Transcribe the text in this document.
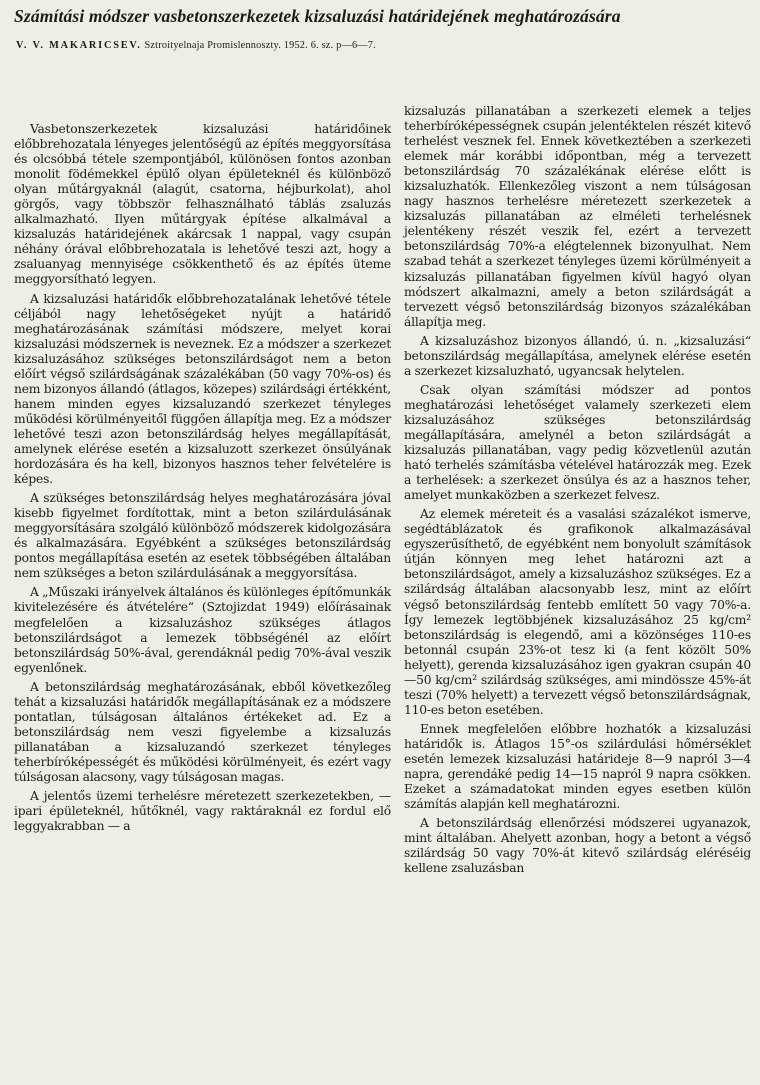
Számítási módszer vasbetonszerkezetek kizsaluzási határidejének meghatározására
V. V. MAKARICSEV. Sztroityelnaja Promislennoszty. 1952. 6. sz. p—6—7.

Vasbetonszerkezetek kizsaluzási határidőinek előbbrehozatala lényeges jelentőségű az építés meggyorsítása és olcsóbbá tétele szempontjából, különösen fontos azonban monolit födémekkel épülő olyan épületeknél és különböző olyan műtárgyaknál (alagút, csatorna, héjburkolat), ahol görgős, vagy többször felhasználható táblás zsaluzás alkalmazható. Ilyen műtárgyak építése alkalmával a kizsaluzás határidejének akárcsak 1 nappal, vagy csupán néhány órával előbbrehozatala is lehetővé teszi azt, hogy a zsaluanyag mennyisége csökkenthető és az építés üteme meggyorsítható legyen.

A kizsaluzási határidők előbbrehozatalának lehetővé tétele céljából nagy lehetőségeket nyújt a határidő meghatározásának számítási módszere, melyet korai kizsaluzási módszernek is neveznek. Ez a módszer a szerkezet kizsaluzásához szükséges betonszilárdságot nem a beton előírt végső szilárdságának százalékában (50 vagy 70%-os) és nem bizonyos állandó (átlagos, közepes) szilárdsági értékként, hanem minden egyes kizsaluzandó szerkezet tényleges működési körülményeitől függően állapítja meg. Ez a módszer lehetővé teszi azon betonszilárdság helyes megállapítását, amelynek elérése esetén a kizsaluzott szerkezet önsúlyának hordozására és ha kell, bizonyos hasznos teher felvételére is képes.

A szükséges betonszilárdság helyes meghatározására jóval kisebb figyelmet fordítottak, mint a beton szilárdulásának meggyorsítására szolgáló különböző módszerek kidolgozására és alkalmazására. Egyébként a szükséges betonszilárdság pontos megállapítása esetén az esetek többségében általában nem szükséges a beton szilárdulásának a meggyorsítása.

A „Műszaki irányelvek általános és különleges építőmunkák kivitelezésére és átvételére“ (Sztojizdat 1949) előírásainak megfelelően a kizsaluzáshoz szükséges átlagos betonszilárdságot a lemezek többségénél az előírt betonszilárdság 50%-ával, gerendáknál pedig 70%-ával veszik egyenlőnek.

A betonszilárdság meghatározásának, ebből következőleg tehát a kizsaluzási határidők megállapításának ez a módszere pontatlan, túlságosan általános értékeket ad. Ez a betonszilárdság nem veszi figyelembe a kizsaluzás pillanatában a kizsaluzandó szerkezet tényleges teherbíróképességét és működési körülményeit, és ezért vagy túlságosan alacsony, vagy túlságosan magas.

A jelentős üzemi terhelésre méretezett szerkezetekben, — ipari épületeknél, hűtőknél, vagy raktáraknál ez fordul elő leggyakrabban — a

kizsaluzás pillanatában a szerkezeti elemek a teljes teherbíróképességnek csupán jelentéktelen részét kitevő terhelést vesznek fel. Ennek következtében a szerkezeti elemek már korábbi időpontban, még a tervezett betonszilárdság 70 százalékának elérése előtt is kizsaluzhatók. Ellenkezőleg viszont a nem túlságosan nagy hasznos terhelésre méretezett szerkezetek a kizsaluzás pillanatában az elméleti terhelésnek jelentékeny részét veszik fel, ezért a tervezett betonszilárdság 70%-a elégtelennek bizonyulhat. Nem szabad tehát a szerkezet tényleges üzemi körülményeit a kizsaluzás pillanatában figyelmen kívül hagyó olyan módszert alkalmazni, amely a beton szilárdságát a tervezett végső betonszilárdság bizonyos százalékában állapítja meg.

A kizsaluzáshoz bizonyos állandó, ú. n. „kizsaluzási“ betonszilárdság megállapítása, amelynek elérése esetén a szerkezet kizsaluzható, ugyancsak helytelen.

Csak olyan számítási módszer ad pontos meghatározási lehetőséget valamely szerkezeti elem kizsaluzásához szükséges betonszilárdság megállapítására, amelynél a beton szilárdságát a kizsaluzás pillanatában, vagy pedig közvetlenül azután ható terhelés számításba vételével határozzák meg. Ezek a terhelések: a szerkezet önsúlya és az a hasznos teher, amelyet munkaközben a szerkezet felvesz.

Az elemek méreteit és a vasalási százalékot ismerve, segédtáblázatok és grafikonok alkalmazásával egyszerűsíthető, de egyébként nem bonyolult számítások útján könnyen meg lehet határozni azt a betonszilárdságot, amely a kizsaluzáshoz szükséges. Ez a szilárdság általában alacsonyabb lesz, mint az előírt végső betonszilárdság fentebb említett 50 vagy 70%-a. Így lemezek legtöbbjének kizsaluzásához 25 kg/cm² betonszilárdság is elegendő, ami a közönséges 110-es betonnál csupán 23%-ot tesz ki (a fent közölt 50% helyett), gerenda kizsaluzásához igen gyakran csupán 40—50 kg/cm² szilárdság szükséges, ami mindössze 45%-át teszi (70% helyett) a tervezett végső betonszilárdságnak, 110-es beton esetében.

Ennek megfelelően előbbre hozhatók a kizsaluzási határidők is. Átlagos 15°-os szilárdulási hőmérséklet esetén lemezek kizsaluzási határideje 8—9 napról 3—4 napra, gerendáké pedig 14—15 napról 9 napra csökken. Ezeket a számadatokat minden egyes esetben külön számítás alapján kell meghatározni.

A betonszilárdság ellenőrzési módszerei ugyanazok, mint általában. Ahelyett azonban, hogy a betont a végső szilárdság 50 vagy 70%-át kitevő szilárdság eléréséig kellene zsaluzásban
